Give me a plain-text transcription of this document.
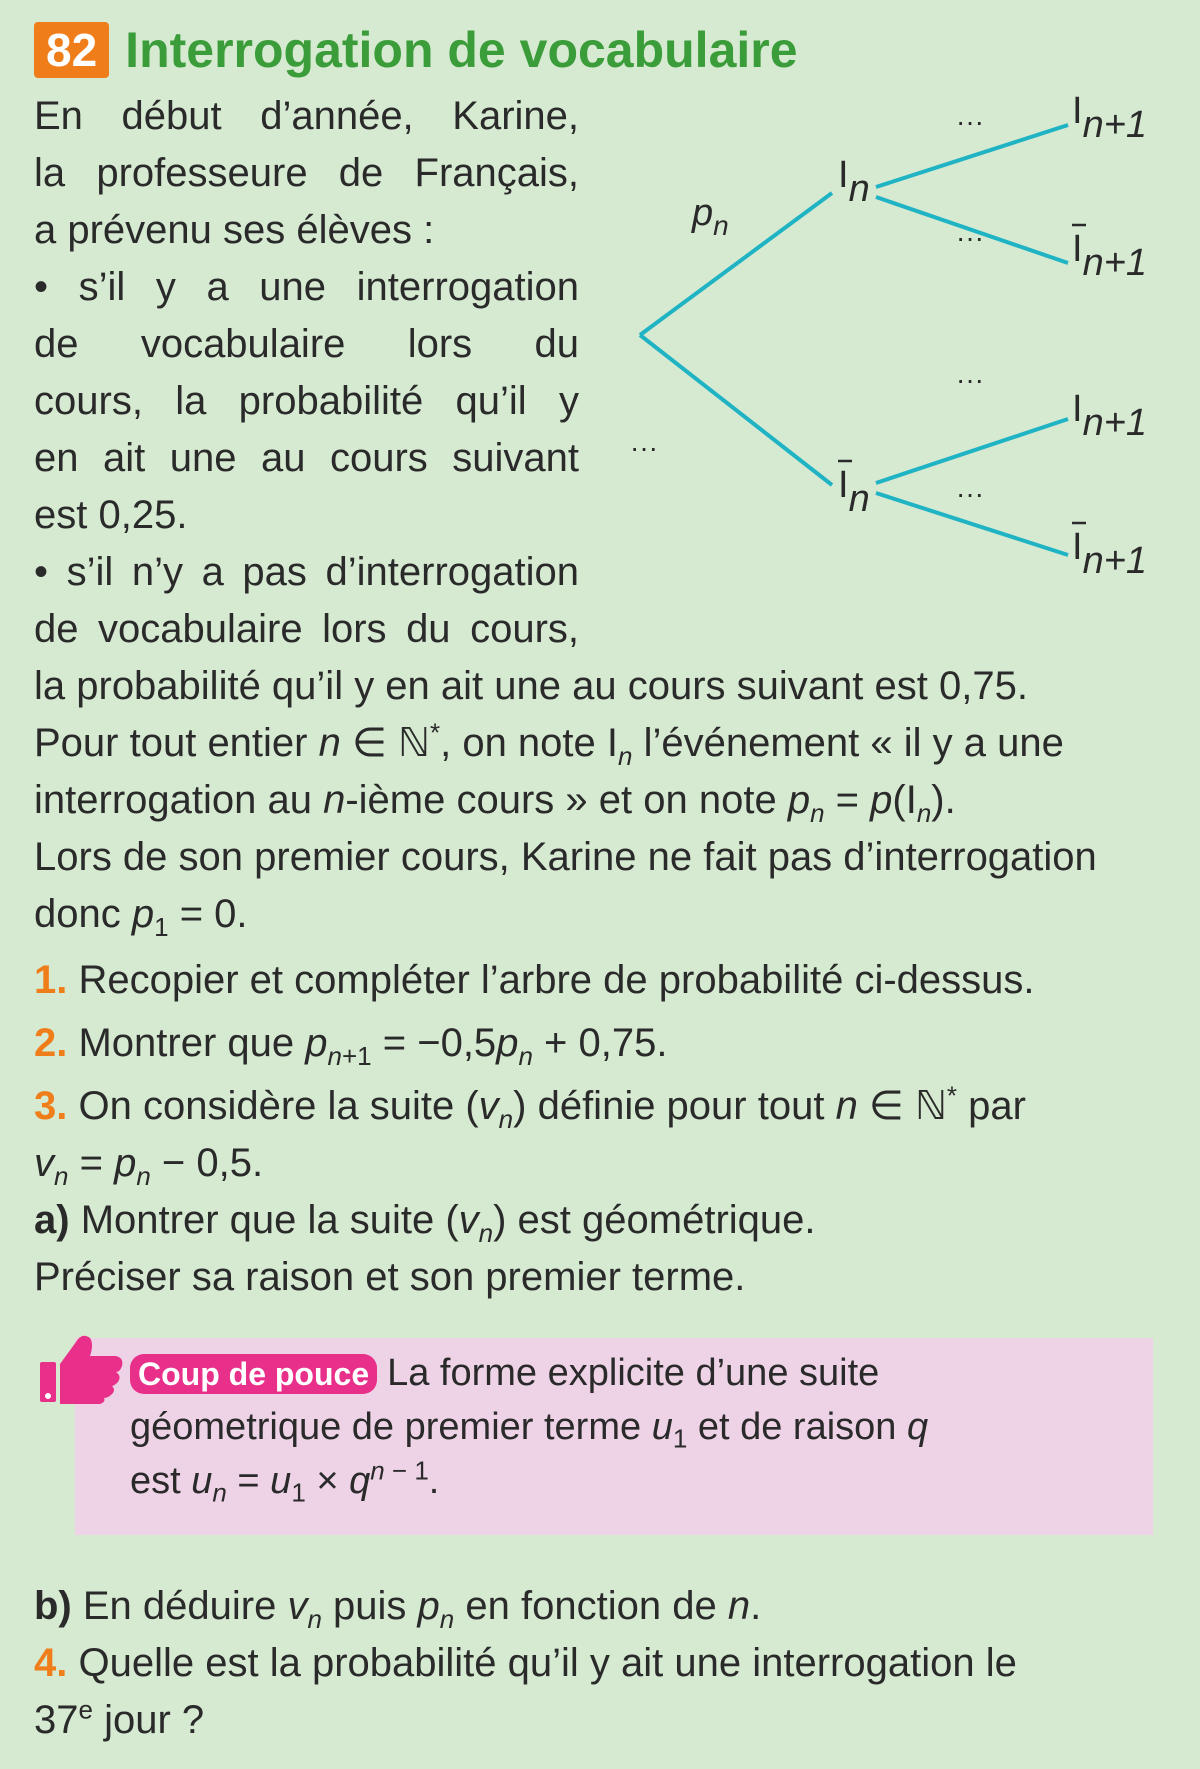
82 Interrogation de vocabulaire
En début d’année, Karine,
la professeure de Français,
a prévenu ses élèves :
• s’il y a une interrogation
de vocabulaire lors du
cours, la probabilité qu’il y
en ait une au cours suivant
est 0,25.
• s’il n’y a pas d’interrogation
de vocabulaire lors du cours,
$p_n$
···
In
In
···
···
···
···
In+1
In+1
In+1
In+1
la probabilité qu’il y en ait une au cours suivant est 0,75.
Pour tout entier n ∈ ℕ*, on note $I_n$ l’événement « il y a une
interrogation au n-ième cours » et on note $p_n = p(I_n)$.
Lors de son premier cours, Karine ne fait pas d’interrogation
donc $p_1 = 0$.
1. Recopier et compléter l’arbre de probabilité ci-dessus.
2. Montrer que $p_{n+1} = -0,5p_n + 0,75$.
3. On considère la suite $(v_n)$ définie pour tout n ∈ ℕ* par
$v_n = p_n - 0,5$.
a) Montrer que la suite $(v_n)$ est géométrique.
Préciser sa raison et son premier terme.
Coup de pouce La forme explicite d’une suite
géometrique de premier terme $u_1$ et de raison q
est $u_n = u_1 \times q^{n - 1}$.
b) En déduire $v_n$ puis $p_n$ en fonction de n.
4. Quelle est la probabilité qu’il y ait une interrogation le
37e jour ?
